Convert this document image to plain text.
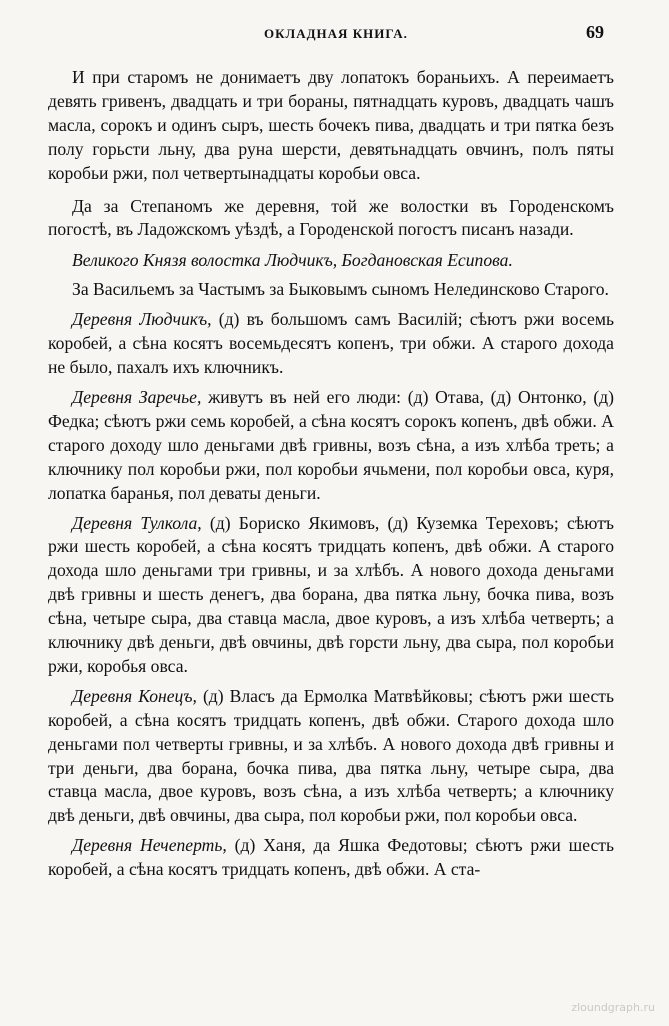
ОКЛАДНАЯ КНИГА.	69

И при старомъ не донимаетъ дву лопатокъ бораньихъ. А переимаетъ девять гривенъ, двадцать и три бораны, пятнадцать куровъ, двадцать чашъ масла, сорокъ и одинъ сыръ, шесть бочекъ пива, двадцать и три пятка безъ полу горьсти льну, два руна шерсти, девятьнадцать овчинъ, полъ пяты коробьи ржи, пол четвертынадцаты коробьи овса.

Да за Степаномъ же деревня, той же волостки въ Городенскомъ погостѣ, въ Ладожскомъ уѣздѣ, а Городенской погостъ писанъ назади.

Великого Князя волостка Людчикъ, Богдановская Есипова.

За Васильемъ за Частымъ за Быковымъ сыномъ Нелединсково Старого.

Деревня Людчикъ, (д) въ большомъ самъ Василій; сѣютъ ржи восемь коробей, а сѣна косятъ восемьдесятъ копенъ, три обжи. А старого дохода не было, пахалъ ихъ ключникъ.

Деревня Заречье, живутъ въ ней его люди: (д) Отава, (д) Онтонко, (д) Федка; сѣютъ ржи семь коробей, а сѣна косятъ сорокъ копенъ, двѣ обжи. А старого доходу шло деньгами двѣ гривны, возъ сѣна, а изъ хлѣба треть; а ключнику пол коробьи ржи, пол коробьи ячьмени, пол коробьи овса, куря, лопатка баранья, пол деваты деньги.

Деревня Тулкола, (д) Бориско Якимовъ, (д) Куземка Тереховъ; сѣютъ ржи шесть коробей, а сѣна косятъ тридцать копенъ, двѣ обжи. А старого дохода шло деньгами три гривны, и за хлѣбъ. А нового дохода деньгами двѣ гривны и шесть денегъ, два борана, два пятка льну, бочка пива, возъ сѣна, четыре сыра, два ставца масла, двое куровъ, а изъ хлѣба четверть; а ключнику двѣ деньги, двѣ овчины, двѣ горсти льну, два сыра, пол коробьи ржи, коробья овса.

Деревня Конецъ, (д) Власъ да Ермолка Матвѣйковы; сѣютъ ржи шесть коробей, а сѣна косятъ тридцать копенъ, двѣ обжи. Старого дохода шло деньгами пол четверты гривны, и за хлѣбъ. А нового дохода двѣ гривны и три деньги, два борана, бочка пива, два пятка льну, четыре сыра, два ставца масла, двое куровъ, возъ сѣна, а изъ хлѣба четверть; а ключнику двѣ деньги, двѣ овчины, два сыра, пол коробьи ржи, пол коробьи овса.

Деревня Нечеперть, (д) Ханя, да Яшка Федотовы; сѣютъ ржи шесть коробей, а сѣна косятъ тридцать копенъ, двѣ обжи. А ста-

zloundgraph.ru
